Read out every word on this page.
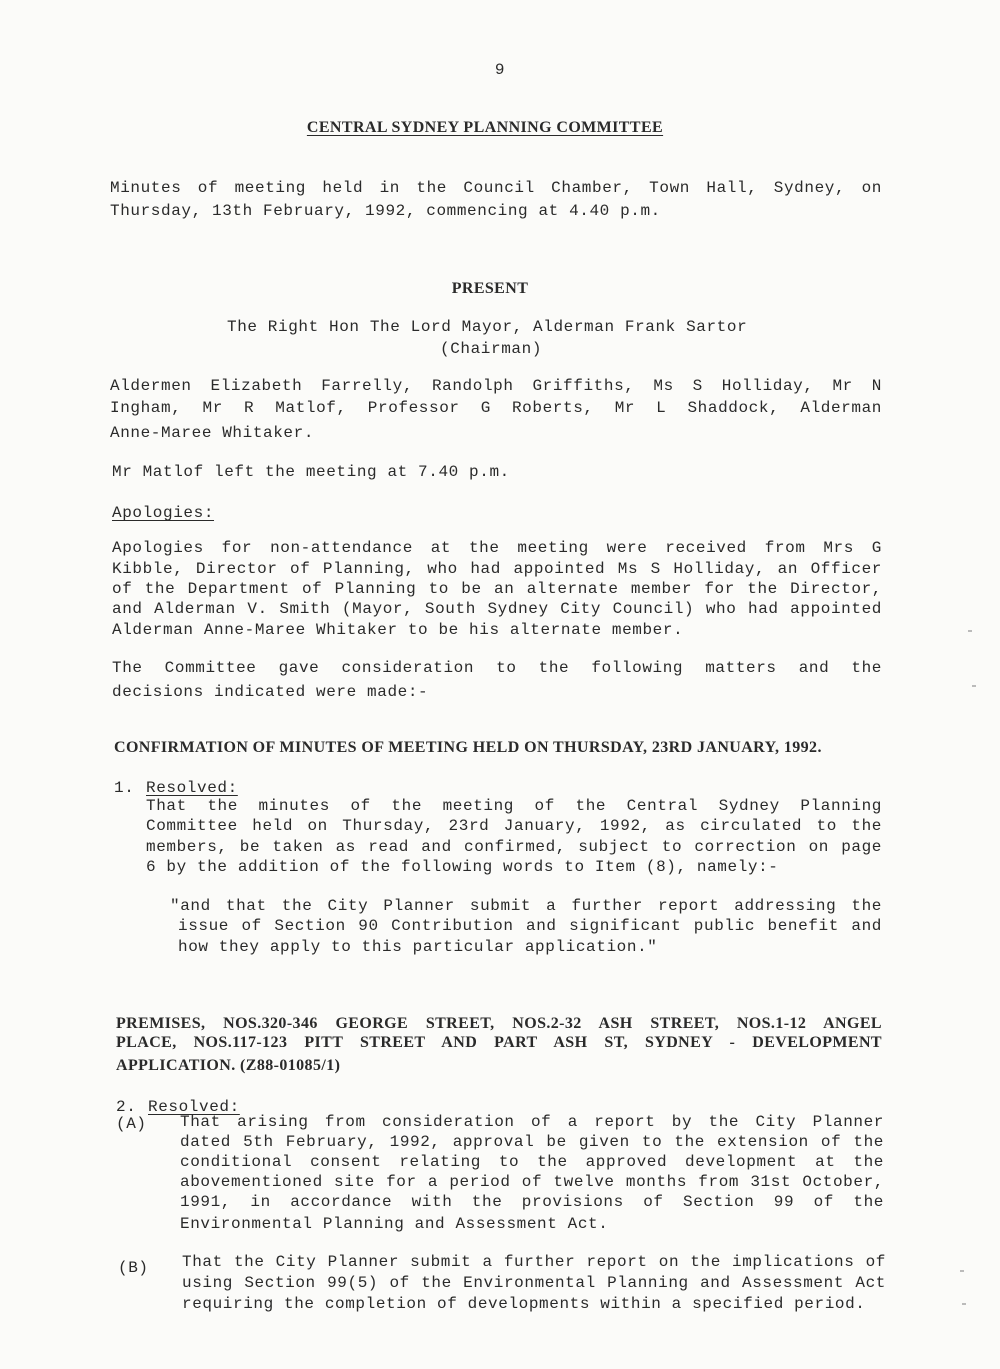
9
CENTRAL SYDNEY PLANNING COMMITTEE
Minutes of meeting held in the Council Chamber, Town Hall, Sydney, on
Thursday, 13th February, 1992, commencing at 4.40 p.m.
PRESENT
The Right Hon The Lord Mayor, Alderman Frank Sartor
(Chairman)
Aldermen Elizabeth Farrelly, Randolph Griffiths, Ms S Holliday, Mr N
Ingham, Mr R Matlof, Professor G Roberts, Mr L Shaddock, Alderman
Anne-Maree Whitaker.
Mr Matlof left the meeting at 7.40 p.m.
Apologies:
Apologies for non-attendance at the meeting were received from Mrs G
Kibble, Director of Planning, who had appointed Ms S Holliday, an Officer
of the Department of Planning to be an alternate member for the Director,
and Alderman V. Smith (Mayor, South Sydney City Council) who had appointed
Alderman Anne-Maree Whitaker to be his alternate member.
The Committee gave consideration to the following matters and the
decisions indicated were made:-
CONFIRMATION OF MINUTES OF MEETING HELD ON THURSDAY, 23RD JANUARY, 1992.
1. Resolved:
That the minutes of the meeting of the Central Sydney Planning
Committee held on Thursday, 23rd January, 1992, as circulated to the
members, be taken as read and confirmed, subject to correction on page
6 by the addition of the following words to Item (8), namely:-
"and that the City Planner submit a further report addressing the
issue of Section 90 Contribution and significant public benefit and
how they apply to this particular application."
PREMISES, NOS.320-346 GEORGE STREET, NOS.2-32 ASH STREET, NOS.1-12 ANGEL
PLACE, NOS.117-123 PITT STREET AND PART ASH ST, SYDNEY - DEVELOPMENT
APPLICATION. (Z88-01085/1)
2. Resolved:
(A) That arising from consideration of a report by the City Planner
dated 5th February, 1992, approval be given to the extension of the
conditional consent relating to the approved development at the
abovementioned site for a period of twelve months from 31st October,
1991, in accordance with the provisions of Section 99 of the
Environmental Planning and Assessment Act.
(B) That the City Planner submit a further report on the implications of
using Section 99(5) of the Environmental Planning and Assessment Act
requiring the completion of developments within a specified period.
